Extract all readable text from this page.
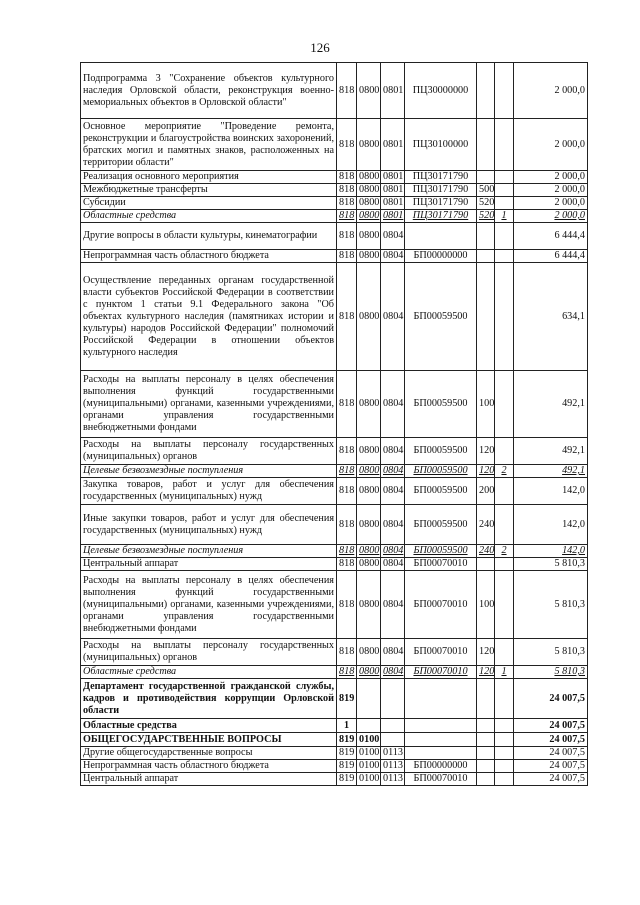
126
Подпрограмма 3 "Сохранение объектов культурного наследия Орловской области, реконструкция военно-мемориальных объектов в Орловской области"	818	0800	0801	ПЦ30000000			2 000,0
Основное мероприятие "Проведение ремонта, реконструкции и благоустройства воинских захоронений, братских могил и памятных знаков, расположенных на территории области"	818	0800	0801	ПЦ30100000			2 000,0
Реализация основного мероприятия	818	0800	0801	ПЦ30171790			2 000,0
Межбюджетные трансферты	818	0800	0801	ПЦ30171790	500		2 000,0
Субсидии	818	0800	0801	ПЦ30171790	520		2 000,0
Областные средства	818	0800	0801	ПЦ30171790	520	1	2 000,0
Другие вопросы в области культуры, кинематографии	818	0800	0804				6 444,4
Непрограммная часть областного бюджета	818	0800	0804	БП00000000			6 444,4
Осуществление переданных органам государственной власти субъектов Российской Федерации в соответствии с пунктом 1 статьи 9.1 Федерального закона "Об объектах культурного наследия (памятниках истории и культуры) народов Российской Федерации" полномочий Российской Федерации в отношении объектов культурного наследия	818	0800	0804	БП00059500			634,1
Расходы на выплаты персоналу в целях обеспечения выполнения функций государственными (муниципальными) органами, казенными учреждениями, органами управления государственными внебюджетными фондами	818	0800	0804	БП00059500	100		492,1
Расходы на выплаты персоналу государственных (муниципальных) органов	818	0800	0804	БП00059500	120		492,1
Целевые безвозмездные поступления	818	0800	0804	БП00059500	120	2	492,1
Закупка товаров, работ и услуг для обеспечения государственных (муниципальных) нужд	818	0800	0804	БП00059500	200		142,0
Иные закупки товаров, работ и услуг для обеспечения государственных (муниципальных) нужд	818	0800	0804	БП00059500	240		142,0
Целевые безвозмездные поступления	818	0800	0804	БП00059500	240	2	142,0
Центральный аппарат	818	0800	0804	БП00070010			5 810,3
Расходы на выплаты персоналу в целях обеспечения выполнения функций государственными (муниципальными) органами, казенными учреждениями, органами управления государственными внебюджетными фондами	818	0800	0804	БП00070010	100		5 810,3
Расходы на выплаты персоналу государственных (муниципальных) органов	818	0800	0804	БП00070010	120		5 810,3
Областные средства	818	0800	0804	БП00070010	120	1	5 810,3
Департамент государственной гражданской службы, кадров и противодействия коррупции Орловской области	819						24 007,5
Областные средства	1						24 007,5
ОБЩЕГОСУДАРСТВЕННЫЕ ВОПРОСЫ	819	0100					24 007,5
Другие общегосударственные вопросы	819	0100	0113				24 007,5
Непрограммная часть областного бюджета	819	0100	0113	БП00000000			24 007,5
Центральный аппарат	819	0100	0113	БП00070010			24 007,5
